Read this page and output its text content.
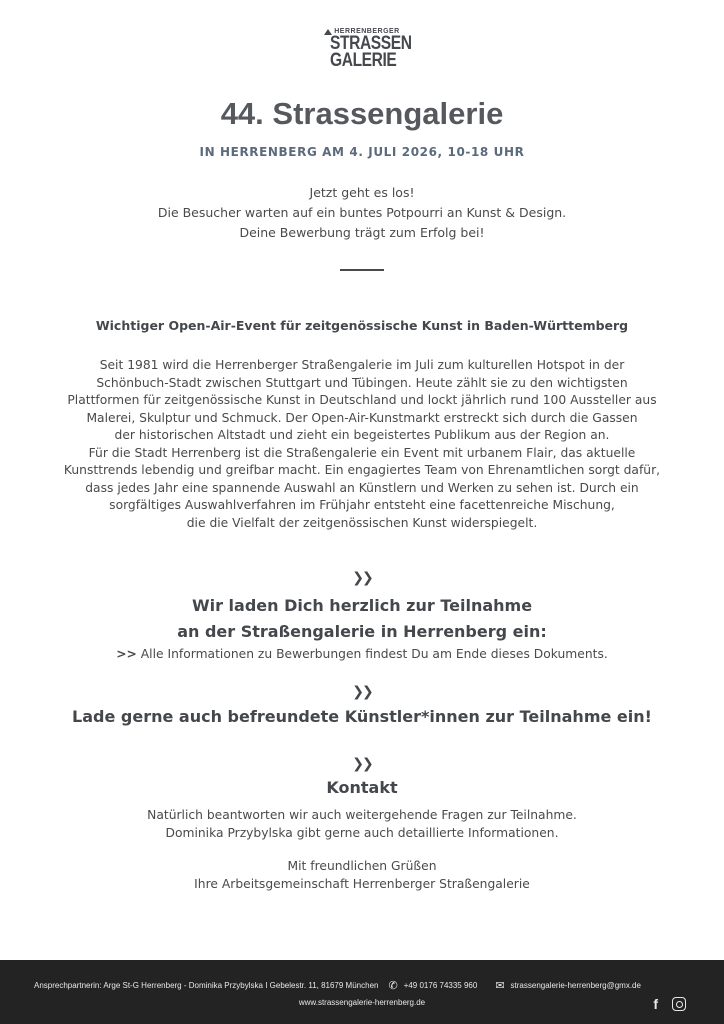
HERRENBERGER
STRASSEN
GALERIE
44. Strassengalerie
IN HERRENBERG AM 4. JULI 2026, 10-18 UHR
Jetzt geht es los!
Die Besucher warten auf ein buntes Potpourri an Kunst & Design.
Deine Bewerbung trägt zum Erfolg bei!
Wichtiger Open-Air-Event für zeitgenössische Kunst in Baden-Württemberg
Seit 1981 wird die Herrenberger Straßengalerie im Juli zum kulturellen Hotspot in der
Schönbuch-Stadt zwischen Stuttgart und Tübingen. Heute zählt sie zu den wichtigsten
Plattformen für zeitgenössische Kunst in Deutschland und lockt jährlich rund 100 Aussteller aus
Malerei, Skulptur und Schmuck. Der Open-Air-Kunstmarkt erstreckt sich durch die Gassen
der historischen Altstadt und zieht ein begeistertes Publikum aus der Region an.
Für die Stadt Herrenberg ist die Straßengalerie ein Event mit urbanem Flair, das aktuelle
Kunsttrends lebendig und greifbar macht. Ein engagiertes Team von Ehrenamtlichen sorgt dafür,
dass jedes Jahr eine spannende Auswahl an Künstlern und Werken zu sehen ist. Durch ein
sorgfältiges Auswahlverfahren im Frühjahr entsteht eine facettenreiche Mischung,
die die Vielfalt der zeitgenössischen Kunst widerspiegelt.
❯❯
Wir laden Dich herzlich zur Teilnahme
an der Straßengalerie in Herrenberg ein:
>> Alle Informationen zu Bewerbungen findest Du am Ende dieses Dokuments.
❯❯
Lade gerne auch befreundete Künstler*innen zur Teilnahme ein!
❯❯
Kontakt
Natürlich beantworten wir auch weitergehende Fragen zur Teilnahme.
Dominika Przybylska gibt gerne auch detaillierte Informationen.
Mit freundlichen Grüßen
Ihre Arbeitsgemeinschaft Herrenberger Straßengalerie
Ansprechpartnerin: Arge St-G Herrenberg - Dominika Przybylska I Gebelestr. 11, 81679 München ✆ +49 0176 74335 960 ✉ strassengalerie-herrenberg@gmx.de
www.strassengalerie-herrenberg.de	f
